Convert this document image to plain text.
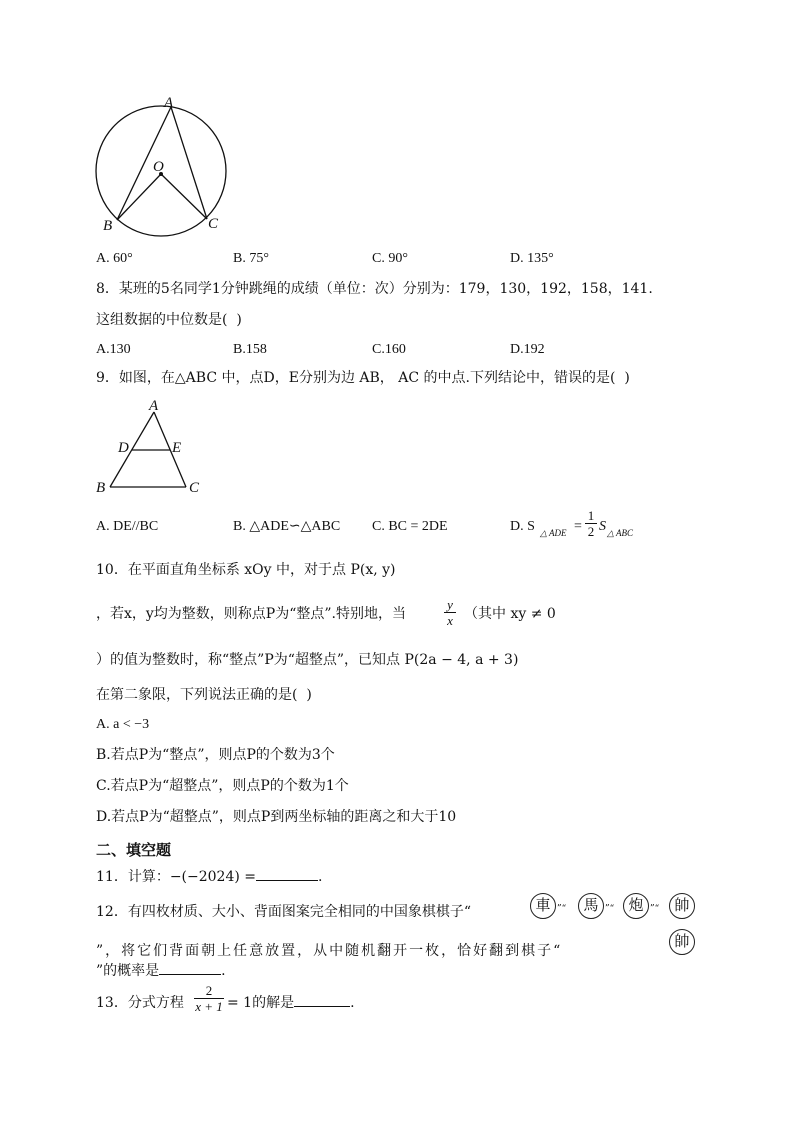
A
O
B	C
A. 60°	B. 75°	C. 90°	D. 135°
8．某班的5名同学1分钟跳绳的成绩（单位：次）分别为：179，130，192，158，141.
这组数据的中位数是(  )
A.130	B.158	C.160	D.192
9．如图，在△ABC 中，点D，E分别为边 AB， AC 的中点.下列结论中，错误的是(  )
A
D	E
B	C
A. DE//BC	B. △ADE∽△ABC C. BC = 2DE	D. S △ ADE =
1
2 S △ ABC
10．在平面直角坐标系 xOy 中，对于点 P(x, y)
，若x，y均为整数，则称点P为“整点”.特别地，当
y
x （其中 xy ≠ 0
）的值为整数时，称“整点”P为“超整点”，已知点 P(2a − 4, a + 3)
在第二象限，下列说法正确的是(  )
A. a < −3
B.若点P为“整点”，则点P的个数为3个
C.若点P为“超整点”，则点P的个数为1个
D.若点P为“超整点”，则点P到两坐标轴的距离之和大于10
二、填空题
11．计算：−(−2024) =	.
12．有四枚材质、大小、背面图案完全相同的中国象棋棋子“	車 ”“	馬 ”“ 炮 ”“	帥
”，将它们背面朝上任意放置，从中随机翻开一枚，恰好翻到棋子“
帥
”的概率是	.
13．分式方程
2
x + 1 = 1的解是	.
